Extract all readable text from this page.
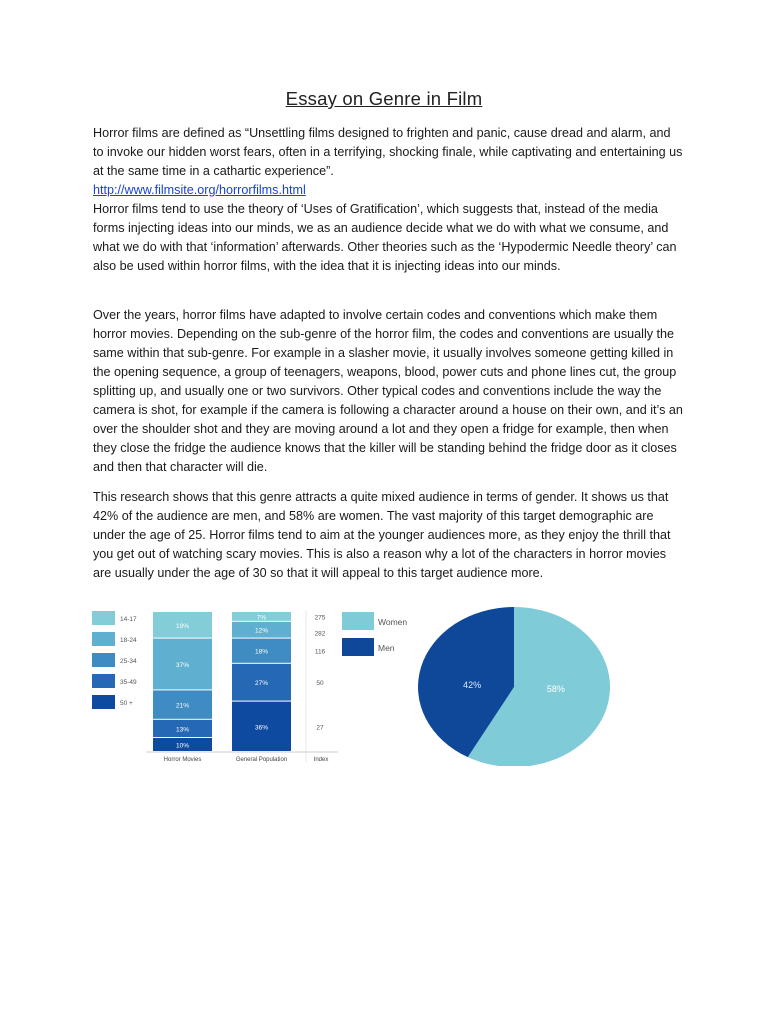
Essay on Genre in Film

Horror films are defined as “Unsettling films designed to frighten and panic, cause dread and alarm, and to invoke our hidden worst fears, often in a terrifying, shocking finale, while captivating and entertaining us at the same time in a cathartic experience”.
http://www.filmsite.org/horrorfilms.html
Horror films tend to use the theory of ‘Uses of Gratification’, which suggests that, instead of the media forms injecting ideas into our minds, we as an audience decide what we do with what we consume, and what we do with that ‘information’ afterwards. Other theories such as the ‘Hypodermic Needle theory’ can also be used within horror films, with the idea that it is injecting ideas into our minds.

Over the years, horror films have adapted to involve certain codes and conventions which make them horror movies. Depending on the sub-genre of the horror film, the codes and conventions are usually the same within that sub-genre. For example in a slasher movie, it usually involves someone getting killed in the opening sequence, a group of teenagers, weapons, blood, power cuts and phone lines cut, the group splitting up, and usually one or two survivors. Other typical codes and conventions include the way the camera is shot, for example if the camera is following a character around a house on their own, and it’s an over the shoulder shot and they are moving around a lot and they open a fridge for example, then when they close the fridge the audience knows that the killer will be standing behind the fridge door as it closes and then that character will die.

This research shows that this genre attracts a quite mixed audience in terms of gender. It shows us that 42% of the audience are men, and 58% are women. The vast majority of this target demographic are under the age of 25. Horror films tend to aim at the younger audiences more, as they enjoy the thrill that you get out of watching scary movies. This is also a reason why a lot of the characters in horror movies are usually under the age of 30 so that it will appeal to this target audience more.

14-17
18-24
25-34
35-49
50 +
Horror Movies	General Population	Index
10%
13%
21%
37%
19%
36%
27%
18%
12%
7%	275
282
116
50
27
Women
Men
58%
42%
